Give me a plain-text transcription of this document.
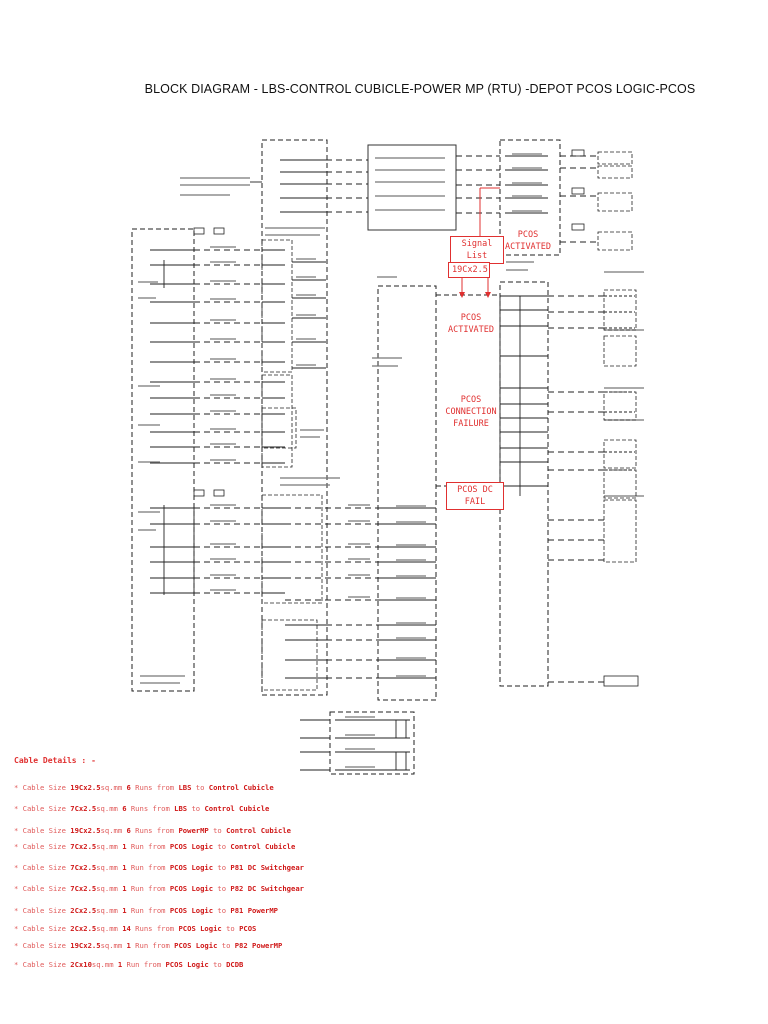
BLOCK DIAGRAM - LBS-CONTROL CUBICLE-POWER MP (RTU) -DEPOT PCOS LOGIC-PCOS
Signal List
PCOS
ACTIVATED
19Cx2.5
PCOS
ACTIVATED
PCOS
CONNECTION
FAILURE
PCOS DC FAIL
Cable Details : -
* Cable Size 19Cx2.5sq.mm 6 Runs from LBS to Control Cubicle
* Cable Size 7Cx2.5sq.mm 6 Runs from LBS to Control Cubicle
* Cable Size 19Cx2.5sq.mm 6 Runs from PowerMP to Control Cubicle
* Cable Size 7Cx2.5sq.mm 1 Run from PCOS Logic to Control Cubicle
* Cable Size 7Cx2.5sq.mm 1 Run from PCOS Logic to P81 DC Switchgear
* Cable Size 7Cx2.5sq.mm 1 Run from PCOS Logic to P82 DC Switchgear
* Cable Size 2Cx2.5sq.mm 1 Run from PCOS Logic to P81 PowerMP
* Cable Size 2Cx2.5sq.mm 14 Runs from PCOS Logic to PCOS
* Cable Size 19Cx2.5sq.mm 1 Run from PCOS Logic to P82 PowerMP
* Cable Size 2Cx10sq.mm 1 Run from PCOS Logic to DCDB
